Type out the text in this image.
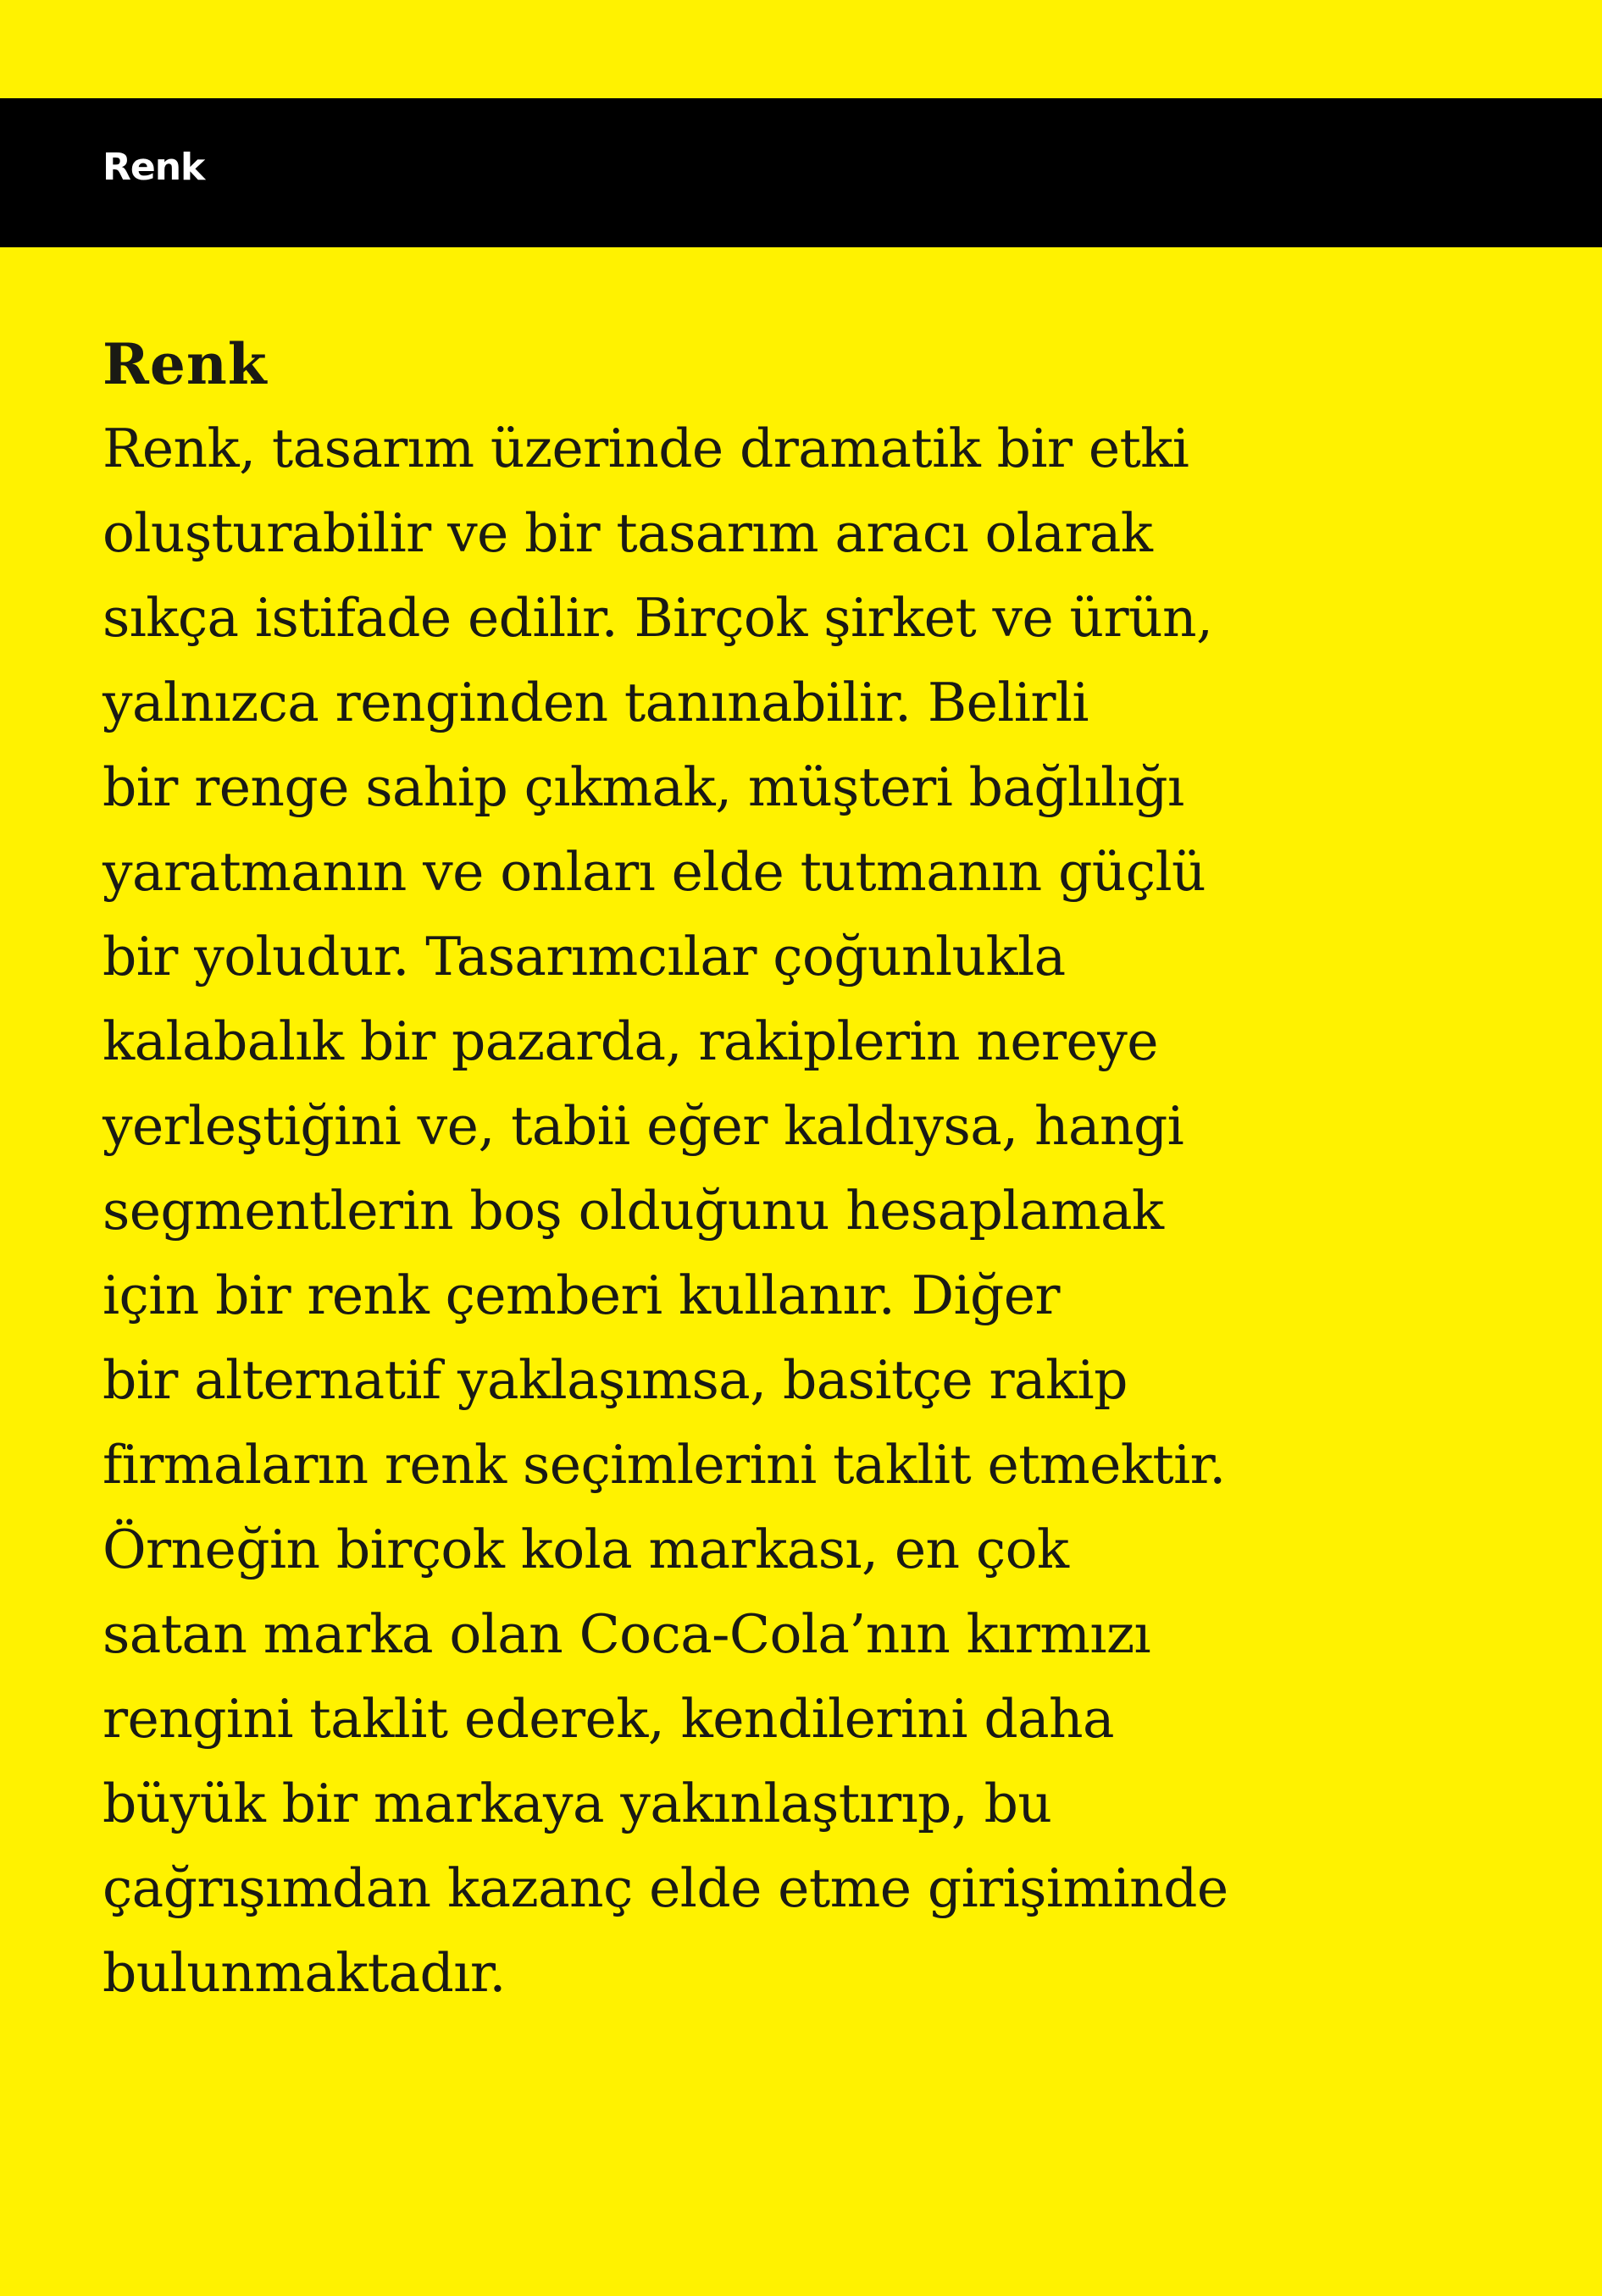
Renk
Renk
Renk, tasarım üzerinde dramatik bir etki
oluşturabilir ve bir tasarım aracı olarak
sıkça istifade edilir. Birçok şirket ve ürün,
yalnızca renginden tanınabilir. Belirli
bir renge sahip çıkmak, müşteri bağlılığı
yaratmanın ve onları elde tutmanın güçlü
bir yoludur. Tasarımcılar çoğunlukla
kalabalık bir pazarda, rakiplerin nereye
yerleştiğini ve, tabii eğer kaldıysa, hangi
segmentlerin boş olduğunu hesaplamak
için bir renk çemberi kullanır. Diğer
bir alternatif yaklaşımsa, basitçe rakip
firmaların renk seçimlerini taklit etmektir.
Örneğin birçok kola markası, en çok
satan marka olan Coca-Cola’nın kırmızı
rengini taklit ederek, kendilerini daha
büyük bir markaya yakınlaştırıp, bu
çağrışımdan kazanç elde etme girişiminde
bulunmaktadır.
